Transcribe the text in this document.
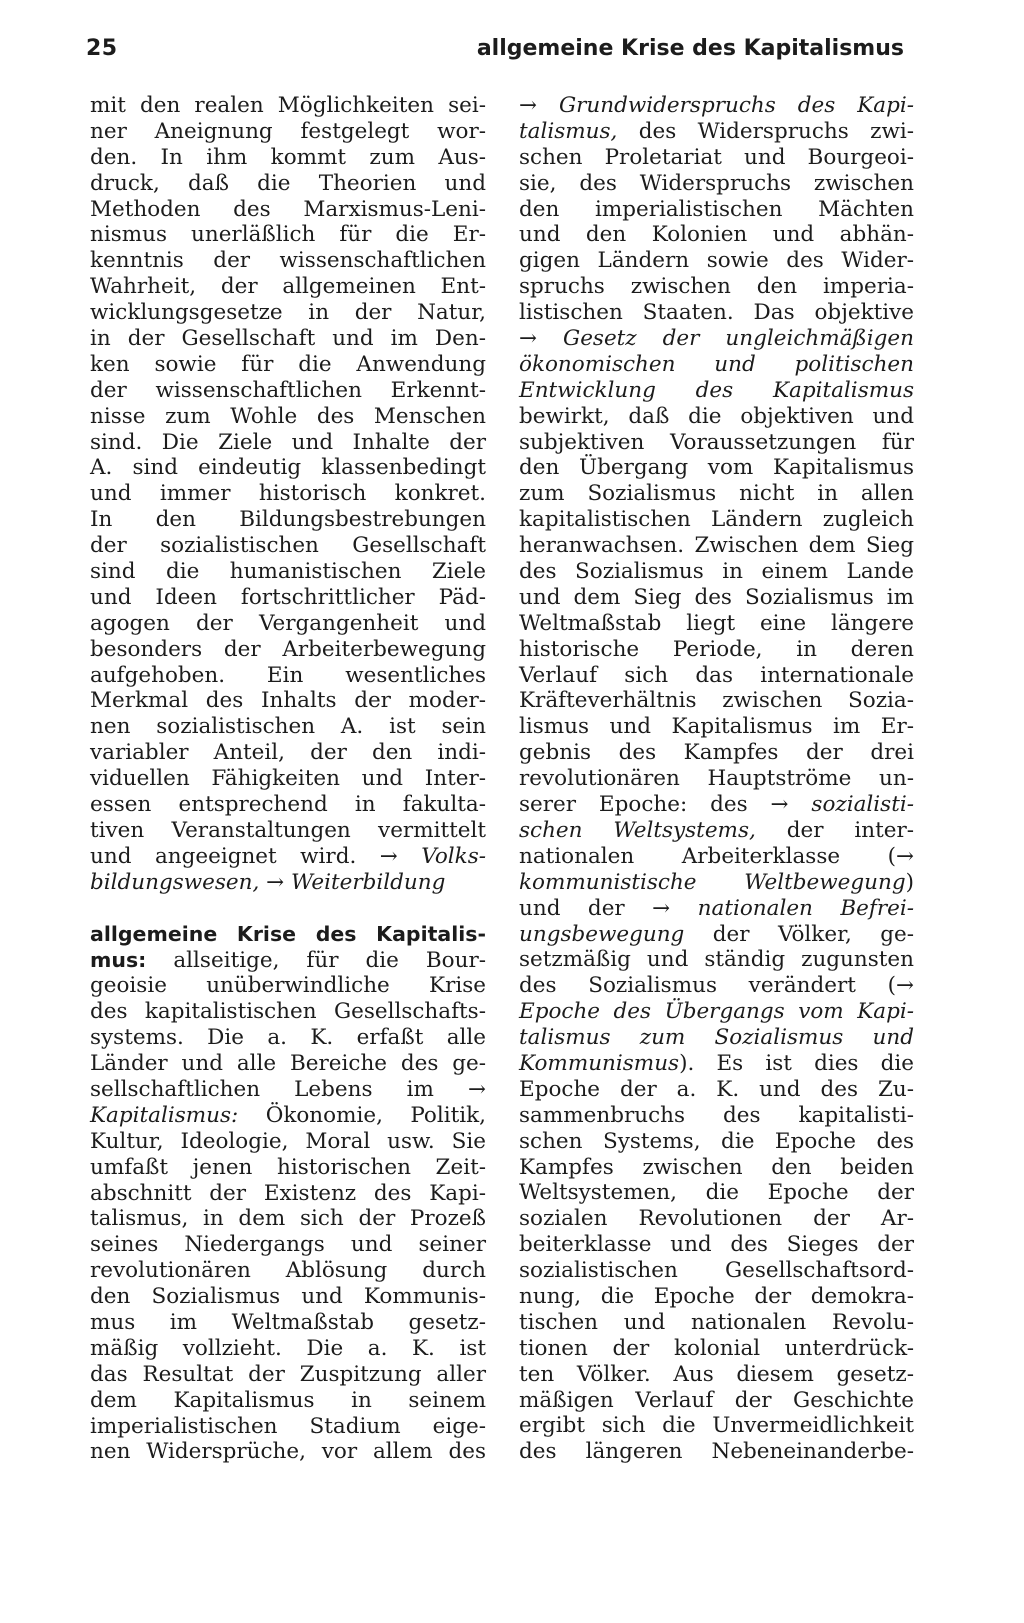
25	allgemeine Krise des Kapitalismus
mit den realen Möglichkeiten sei-
ner Aneignung festgelegt wor-
den. In ihm kommt zum Aus-
druck, daß die Theorien und
Methoden des Marxismus-Leni-
nismus unerläßlich für die Er-
kenntnis der wissenschaftlichen
Wahrheit, der allgemeinen Ent-
wicklungsgesetze in der Natur,
in der Gesellschaft und im Den-
ken sowie für die Anwendung
der wissenschaftlichen Erkennt-
nisse zum Wohle des Menschen
sind. Die Ziele und Inhalte der
A. sind eindeutig klassenbedingt
und immer historisch konkret.
In den Bildungsbestrebungen
der sozialistischen Gesellschaft
sind die humanistischen Ziele
und Ideen fortschrittlicher Päd-
agogen der Vergangenheit und
besonders der Arbeiterbewegung
aufgehoben. Ein wesentliches
Merkmal des Inhalts der moder-
nen sozialistischen A. ist sein
variabler Anteil, der den indi-
viduellen Fähigkeiten und Inter-
essen entsprechend in fakulta-
tiven Veranstaltungen vermittelt
und angeeignet wird. → Volks-
bildungswesen, → Weiterbildung
allgemeine Krise des Kapitalis-
mus: allseitige, für die Bour-
geoisie unüberwindliche Krise
des kapitalistischen Gesellschafts-
systems. Die a. K. erfaßt alle
Länder und alle Bereiche des ge-
sellschaftlichen Lebens im →
Kapitalismus: Ökonomie, Politik,
Kultur, Ideologie, Moral usw. Sie
umfaßt jenen historischen Zeit-
abschnitt der Existenz des Kapi-
talismus, in dem sich der Prozeß
seines Niedergangs und seiner
revolutionären Ablösung durch
den Sozialismus und Kommunis-
mus im Weltmaßstab gesetz-
mäßig vollzieht. Die a. K. ist
das Resultat der Zuspitzung aller
dem Kapitalismus in seinem
imperialistischen Stadium eige-
nen Widersprüche, vor allem des
→ Grundwiderspruchs des Kapi-
talismus, des Widerspruchs zwi-
schen Proletariat und Bourgeoi-
sie, des Widerspruchs zwischen
den imperialistischen Mächten
und den Kolonien und abhän-
gigen Ländern sowie des Wider-
spruchs zwischen den imperia-
listischen Staaten. Das objektive
→ Gesetz der ungleichmäßigen
ökonomischen und politischen
Entwicklung des Kapitalismus
bewirkt, daß die objektiven und
subjektiven Voraussetzungen für
den Übergang vom Kapitalismus
zum Sozialismus nicht in allen
kapitalistischen Ländern zugleich
heranwachsen. Zwischen dem Sieg
des Sozialismus in einem Lande
und dem Sieg des Sozialismus im
Weltmaßstab liegt eine längere
historische Periode, in deren
Verlauf sich das internationale
Kräfteverhältnis zwischen Sozia-
lismus und Kapitalismus im Er-
gebnis des Kampfes der drei
revolutionären Hauptströme un-
serer Epoche: des → sozialisti-
schen Weltsystems, der inter-
nationalen Arbeiterklasse (→
kommunistische Weltbewegung)
und der → nationalen Befrei-
ungsbewegung der Völker, ge-
setzmäßig und ständig zugunsten
des Sozialismus verändert (→
Epoche des Übergangs vom Kapi-
talismus zum Sozialismus und
Kommunismus). Es ist dies die
Epoche der a. K. und des Zu-
sammenbruchs des kapitalisti-
schen Systems, die Epoche des
Kampfes zwischen den beiden
Weltsystemen, die Epoche der
sozialen Revolutionen der Ar-
beiterklasse und des Sieges der
sozialistischen Gesellschaftsord-
nung, die Epoche der demokra-
tischen und nationalen Revolu-
tionen der kolonial unterdrück-
ten Völker. Aus diesem gesetz-
mäßigen Verlauf der Geschichte
ergibt sich die Unvermeidlichkeit
des längeren Nebeneinanderbe-
